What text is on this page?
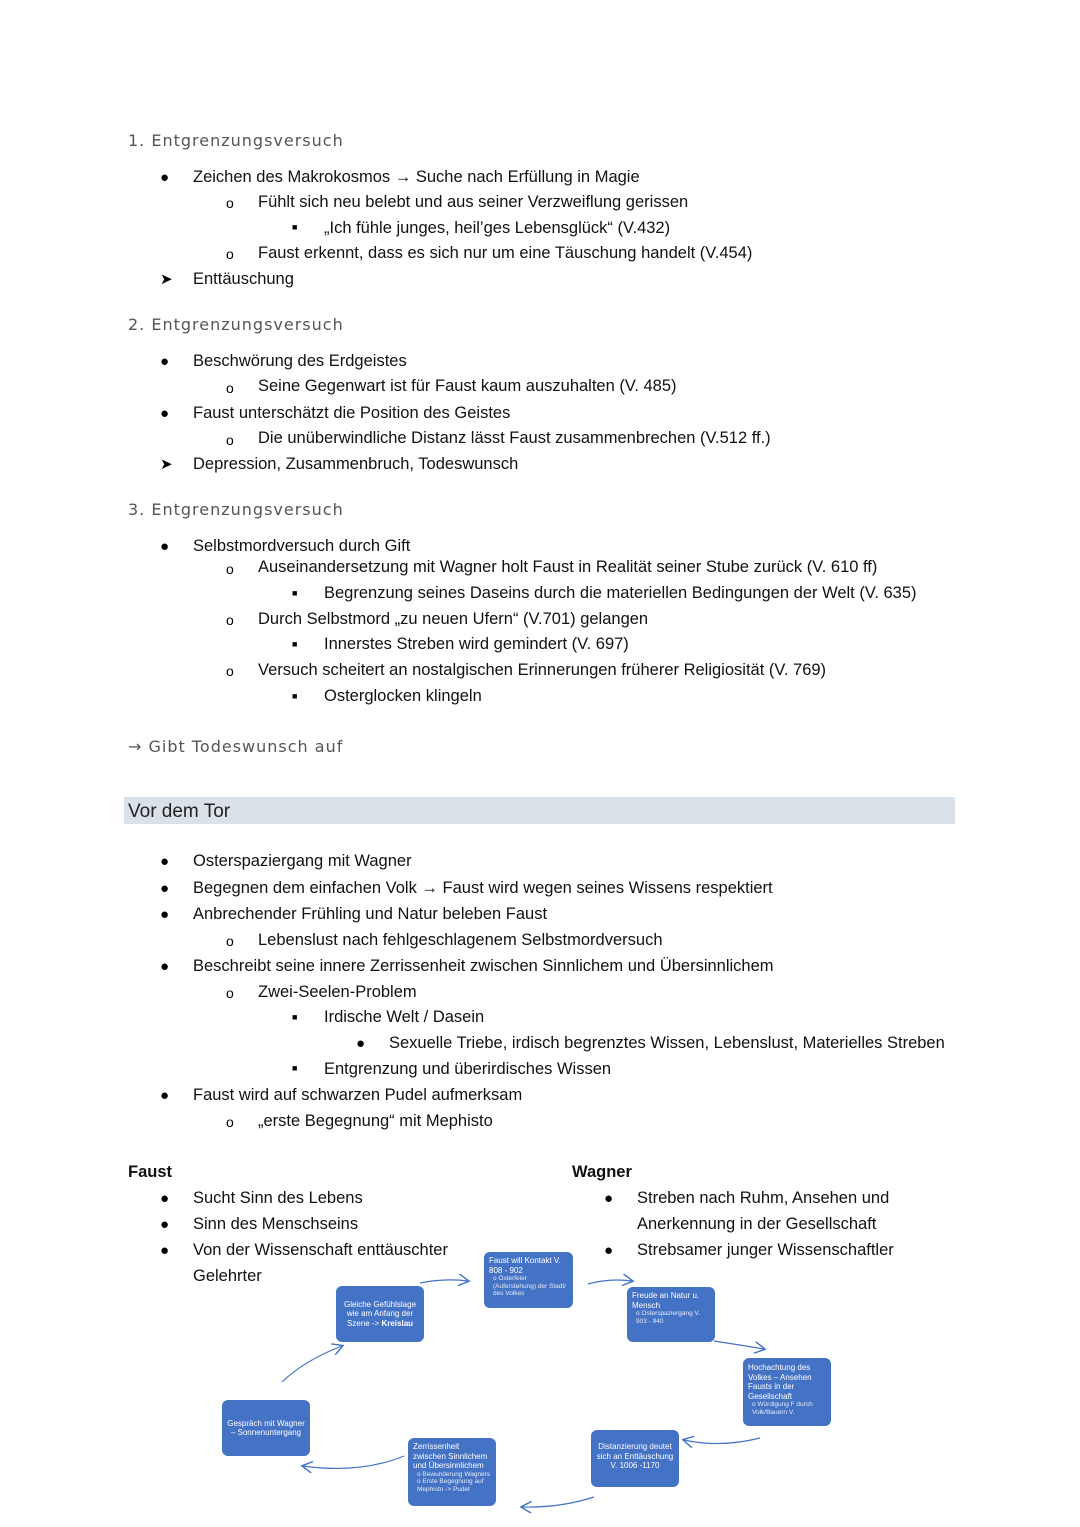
1. Entgrenzungsversuch
● Zeichen des Makrokosmos → Suche nach Erfüllung in Magie
o Fühlt sich neu belebt und aus seiner Verzweiflung gerissen
■ „Ich fühle junges, heil’ges Lebensglück“ (V.432)
o Faust erkennt, dass es sich nur um eine Täuschung handelt (V.454)
➤ Enttäuschung
2. Entgrenzungsversuch
● Beschwörung des Erdgeistes
o Seine Gegenwart ist für Faust kaum auszuhalten (V. 485)
● Faust unterschätzt die Position des Geistes
o Die unüberwindliche Distanz lässt Faust zusammenbrechen (V.512 ff.)
➤ Depression, Zusammenbruch, Todeswunsch
3. Entgrenzungsversuch
● Selbstmordversuch durch Gift
o Auseinandersetzung mit Wagner holt Faust in Realität seiner Stube zurück (V. 610 ff)
■ Begrenzung seines Daseins durch die materiellen Bedingungen der Welt (V. 635)
o Durch Selbstmord „zu neuen Ufern“ (V.701) gelangen
■ Innerstes Streben wird gemindert (V. 697)
o Versuch scheitert an nostalgischen Erinnerungen früherer Religiosität (V. 769)
■ Osterglocken klingeln
→ Gibt Todeswunsch auf
Vor dem Tor
● Osterspaziergang mit Wagner
● Begegnen dem einfachen Volk → Faust wird wegen seines Wissens respektiert
● Anbrechender Frühling und Natur beleben Faust
o Lebenslust nach fehlgeschlagenem Selbstmordversuch
● Beschreibt seine innere Zerrissenheit zwischen Sinnlichem und Übersinnlichem
o Zwei-Seelen-Problem
■ Irdische Welt / Dasein
● Sexuelle Triebe, irdisch begrenztes Wissen, Lebenslust, Materielles Streben
■ Entgrenzung und überirdisches Wissen
● Faust wird auf schwarzen Pudel aufmerksam
o „erste Begegnung“ mit Mephisto
Faust
● Sucht Sinn des Lebens
● Sinn des Menschseins
● Von der Wissenschaft enttäuschter
Gelehrter
Wagner
● Streben nach Ruhm, Ansehen und
Anerkennung in der Gesellschaft
● Strebsamer junger Wissenschaftler
Gespräch mit Wagner – Sonnenuntergang
Gleiche Gefühlslage wie am Anfang der Szene -> Kreislau
Faust will Kontakt V. 808 - 902
o Osterfeier (Auferstehung) der Stadt/ des Volkes	Freude an Natur u. Mensch
o Osterspaziergang V. 903 - 940
Hochachtung des Volkes – Ansehen Fausts in der Gesellschaft
o Würdigung F durch Volk/Bauern V.
Distanzierung deutet sich an Enttäuschung V. 1006 -1170
Zerrissenheit zwischen Sinnlichem und Übersinnlichem
o Bewunderung Wagners
o Erste Begegnung auf Mephisto -> Pudel
